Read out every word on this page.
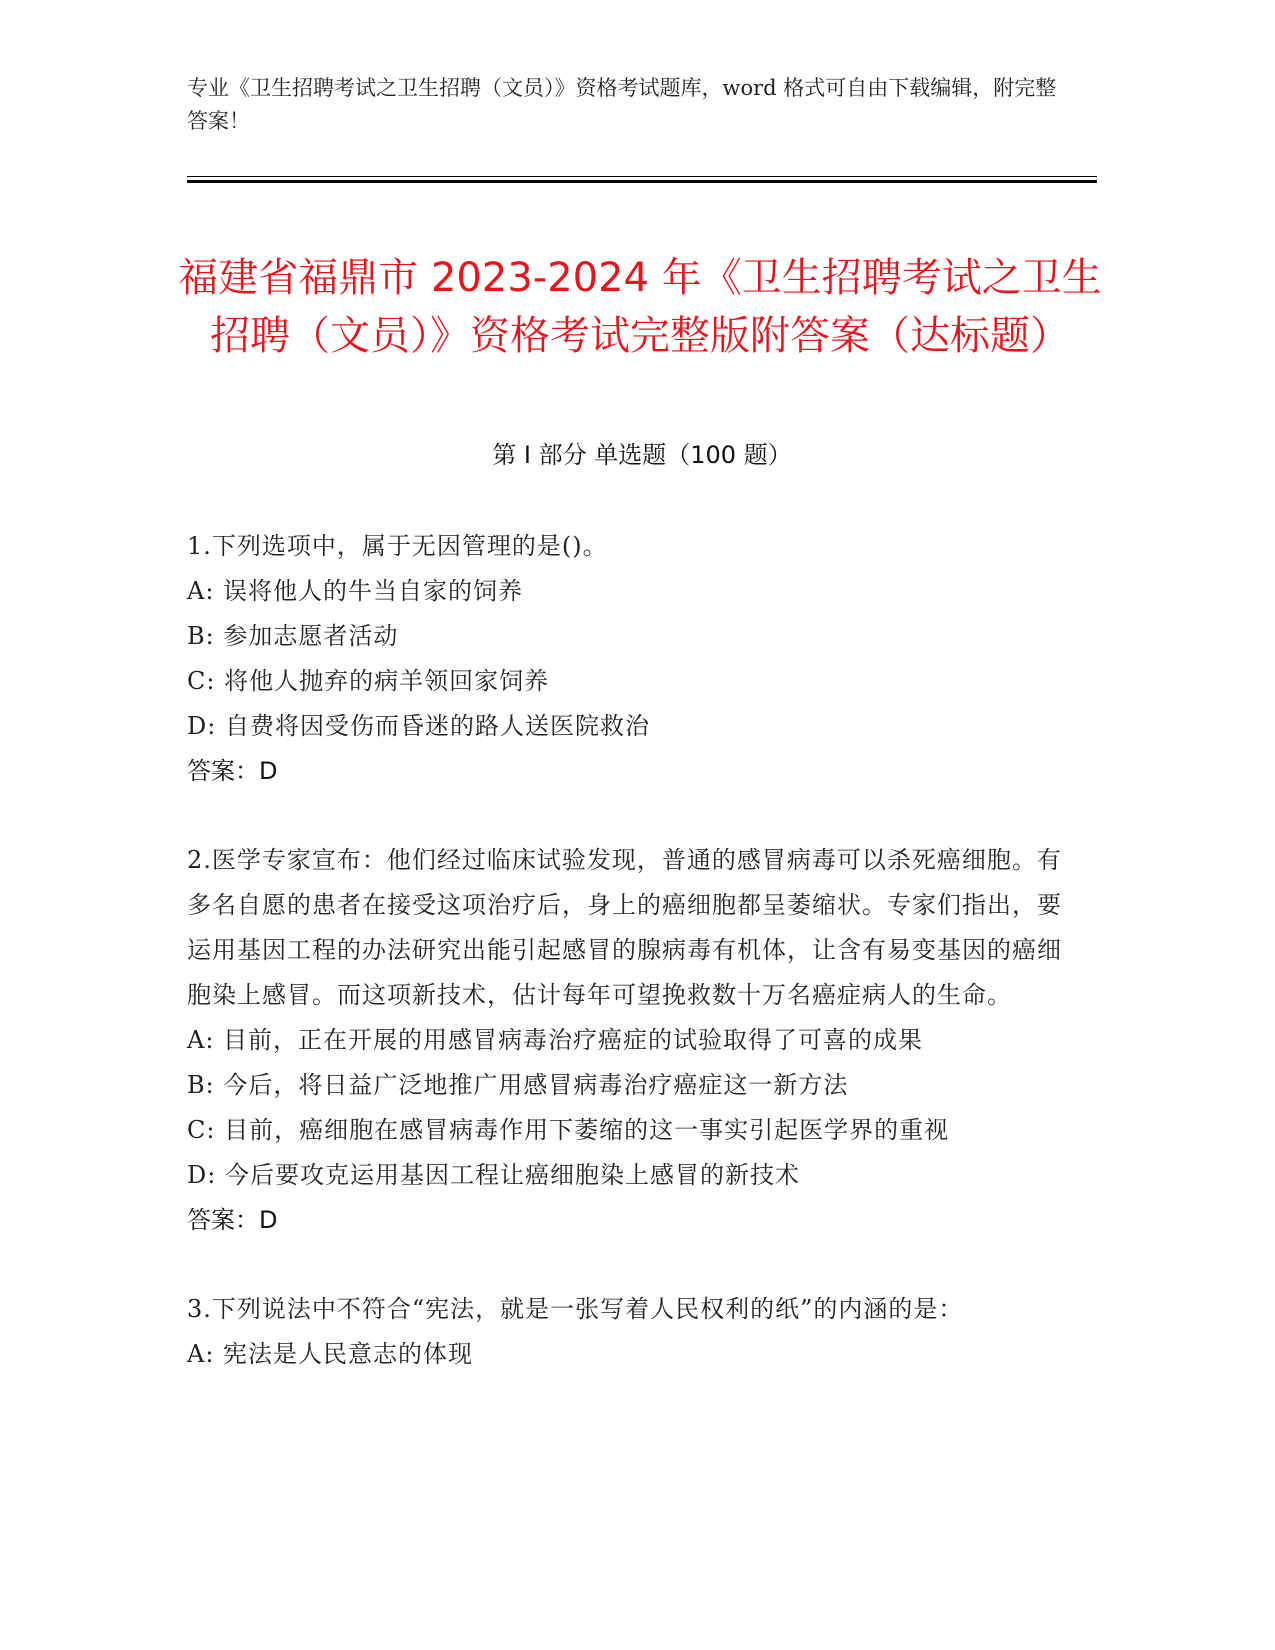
专业《卫生招聘考试之卫生招聘（文员）》资格考试题库，word 格式可自由下载编辑，附完整答案！
福建省福鼎市 2023-2024 年《卫生招聘考试之卫生招聘（文员）》资格考试完整版附答案（达标题）
第 I 部分 单选题（100 题）
1.下列选项中，属于无因管理的是()。
A: 误将他人的牛当自家的饲养
B: 参加志愿者活动
C: 将他人抛弃的病羊领回家饲养
D: 自费将因受伤而昏迷的路人送医院救治
答案：D
2.医学专家宣布：他们经过临床试验发现，普通的感冒病毒可以杀死癌细胞。有多名自愿的患者在接受这项治疗后，身上的癌细胞都呈萎缩状。专家们指出，要运用基因工程的办法研究出能引起感冒的腺病毒有机体，让含有易变基因的癌细胞染上感冒。而这项新技术，估计每年可望挽救数十万名癌症病人的生命。
A: 目前，正在开展的用感冒病毒治疗癌症的试验取得了可喜的成果
B: 今后，将日益广泛地推广用感冒病毒治疗癌症这一新方法
C: 目前，癌细胞在感冒病毒作用下萎缩的这一事实引起医学界的重视
D: 今后要攻克运用基因工程让癌细胞染上感冒的新技术
答案：D
3.下列说法中不符合“宪法，就是一张写着人民权利的纸”的内涵的是：
A: 宪法是人民意志的体现
